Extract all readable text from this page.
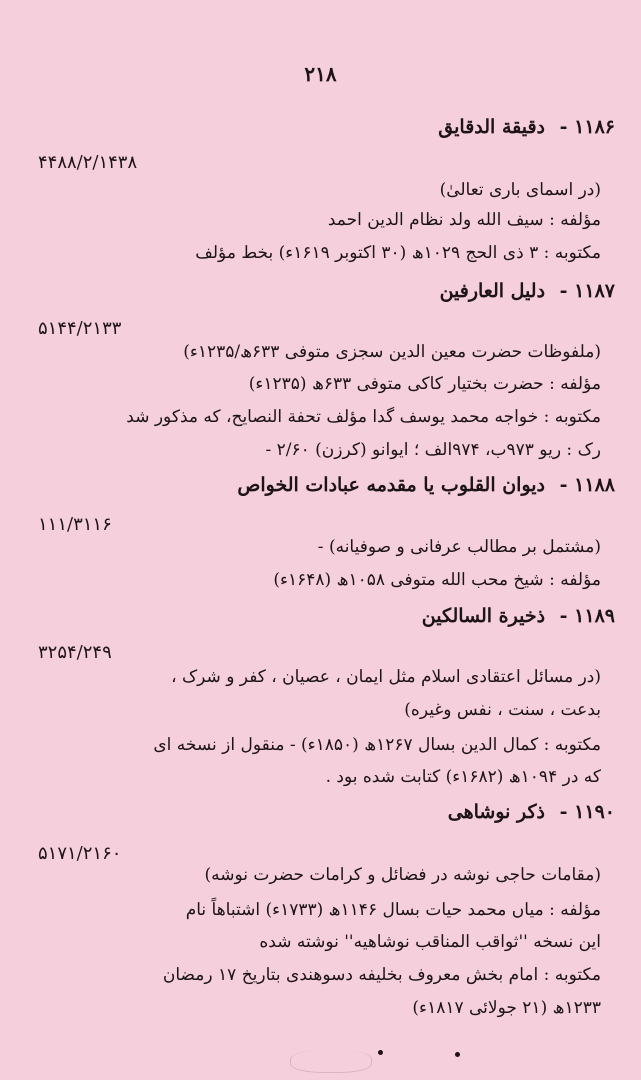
۲۱۸
۱۱۸۶ - دقیقة الدقایق
۴۴۸۸/۲/۱۴۳۸
(در اسمای باری تعالیٰ)
مؤلفه : سیف الله ولد نظام الدین احمد
مکتوبه : ۳ ذی الحج ۱۰۲۹ھ (۳۰ اکتوبر ۱۶۱۹ء) بخط مؤلف
۱۱۸۷ - دلیل العارفین
۵۱۴۴/۲۱۳۳
(ملفوظات حضرت معین الدین سجزی متوفی ۶۳۳ھ/۱۲۳۵ء)
مؤلفه : حضرت بختیار کاکی متوفی ۶۳۳ھ (۱۲۳۵ء)
مکتوبه : خواجه محمد یوسف گدا مؤلف تحفة النصایح، که مذکور شد
رک : ریو ۹۷۳ب، ۹۷۴الف ؛ ایوانو (کرزن) ۲/۶۰ -
۱۱۸۸ - دیوان القلوب یا مقدمه عبادات الخواص
۱۱۱/۳۱۱۶
(مشتمل بر مطالب عرفانی و صوفیانه) -
مؤلفه : شیخ محب الله متوفی ۱۰۵۸ھ (۱۶۴۸ء)
۱۱۸۹ - ذخیرة السالکین
۳۲۵۴/۲۴۹
(در مسائل اعتقادی اسلام مثل ایمان ، عصیان ، کفر و شرک ،
بدعت ، سنت ، نفس وغیره)
مکتوبه : کمال الدین بسال ۱۲۶۷ھ (۱۸۵۰ء) - منقول از نسخه ای
که در ۱۰۹۴ھ (۱۶۸۲ء) کتابت شده بود .
۱۱۹۰ - ذکر نوشاهی
۵۱۷۱/۲۱۶۰
(مقامات حاجی نوشه در فضائل و کرامات حضرت نوشه)
مؤلفه : میاں محمد حیات بسال ۱۱۴۶ھ (۱۷۳۳ء) اشتباهاً نام
این نسخه ''ثواقب المناقب نوشاهیه'' نوشته شده
مکتوبه : امام بخش معروف بخلیفه دسوهندی بتاریخ ۱۷ رمضان
۱۲۳۳ھ (۲۱ جولائی ۱۸۱۷ء)
